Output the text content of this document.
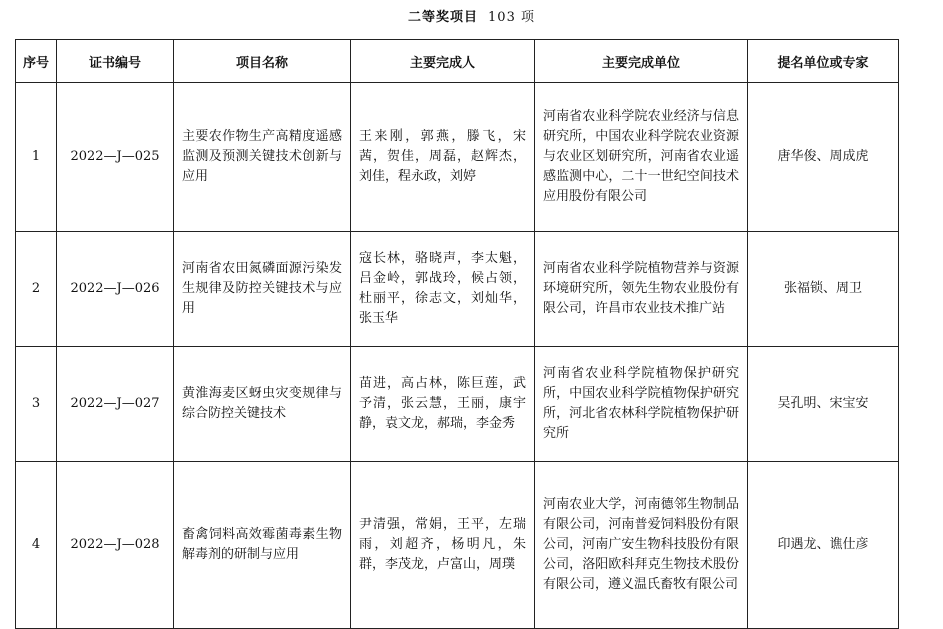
二等奖项目 103 项
序号	证书编号	项目名称	主要完成人	主要完成单位	提名单位或专家
1	2022—J—025	主要农作物生产高精度遥感监测及预测关键技术创新与应用	王来刚，郭燕，滕飞，宋茜，贺佳，周磊，赵辉杰，刘佳，程永政，刘婷	河南省农业科学院农业经济与信息研究所，中国农业科学院农业资源与农业区划研究所，河南省农业遥感监测中心，二十一世纪空间技术应用股份有限公司	唐华俊、周成虎
2	2022—J—026	河南省农田氮磷面源污染发生规律及防控关键技术与应用	寇长林，骆晓声，李太魁，吕金岭，郭战玲，候占领，杜丽平，徐志文，刘灿华，张玉华	河南省农业科学院植物营养与资源环境研究所，领先生物农业股份有限公司，许昌市农业技术推广站	张福锁、周卫
3	2022—J—027	黄淮海麦区蚜虫灾变规律与综合防控关键技术	苗进，高占林，陈巨莲，武予清，张云慧，王丽，康宇静，袁文龙，郝瑞，李金秀	河南省农业科学院植物保护研究所，中国农业科学院植物保护研究所，河北省农林科学院植物保护研究所	吴孔明、宋宝安
4	2022—J—028	畜禽饲料高效霉菌毒素生物解毒剂的研制与应用	尹清强，常娟，王平，左瑞雨，刘超齐，杨明凡，朱群，李茂龙，卢富山，周璞	河南农业大学，河南德邻生物制品有限公司，河南普爱饲料股份有限公司，河南广安生物科技股份有限公司，洛阳欧科拜克生物技术股份有限公司，遵义温氏畜牧有限公司	印遇龙、谯仕彦
